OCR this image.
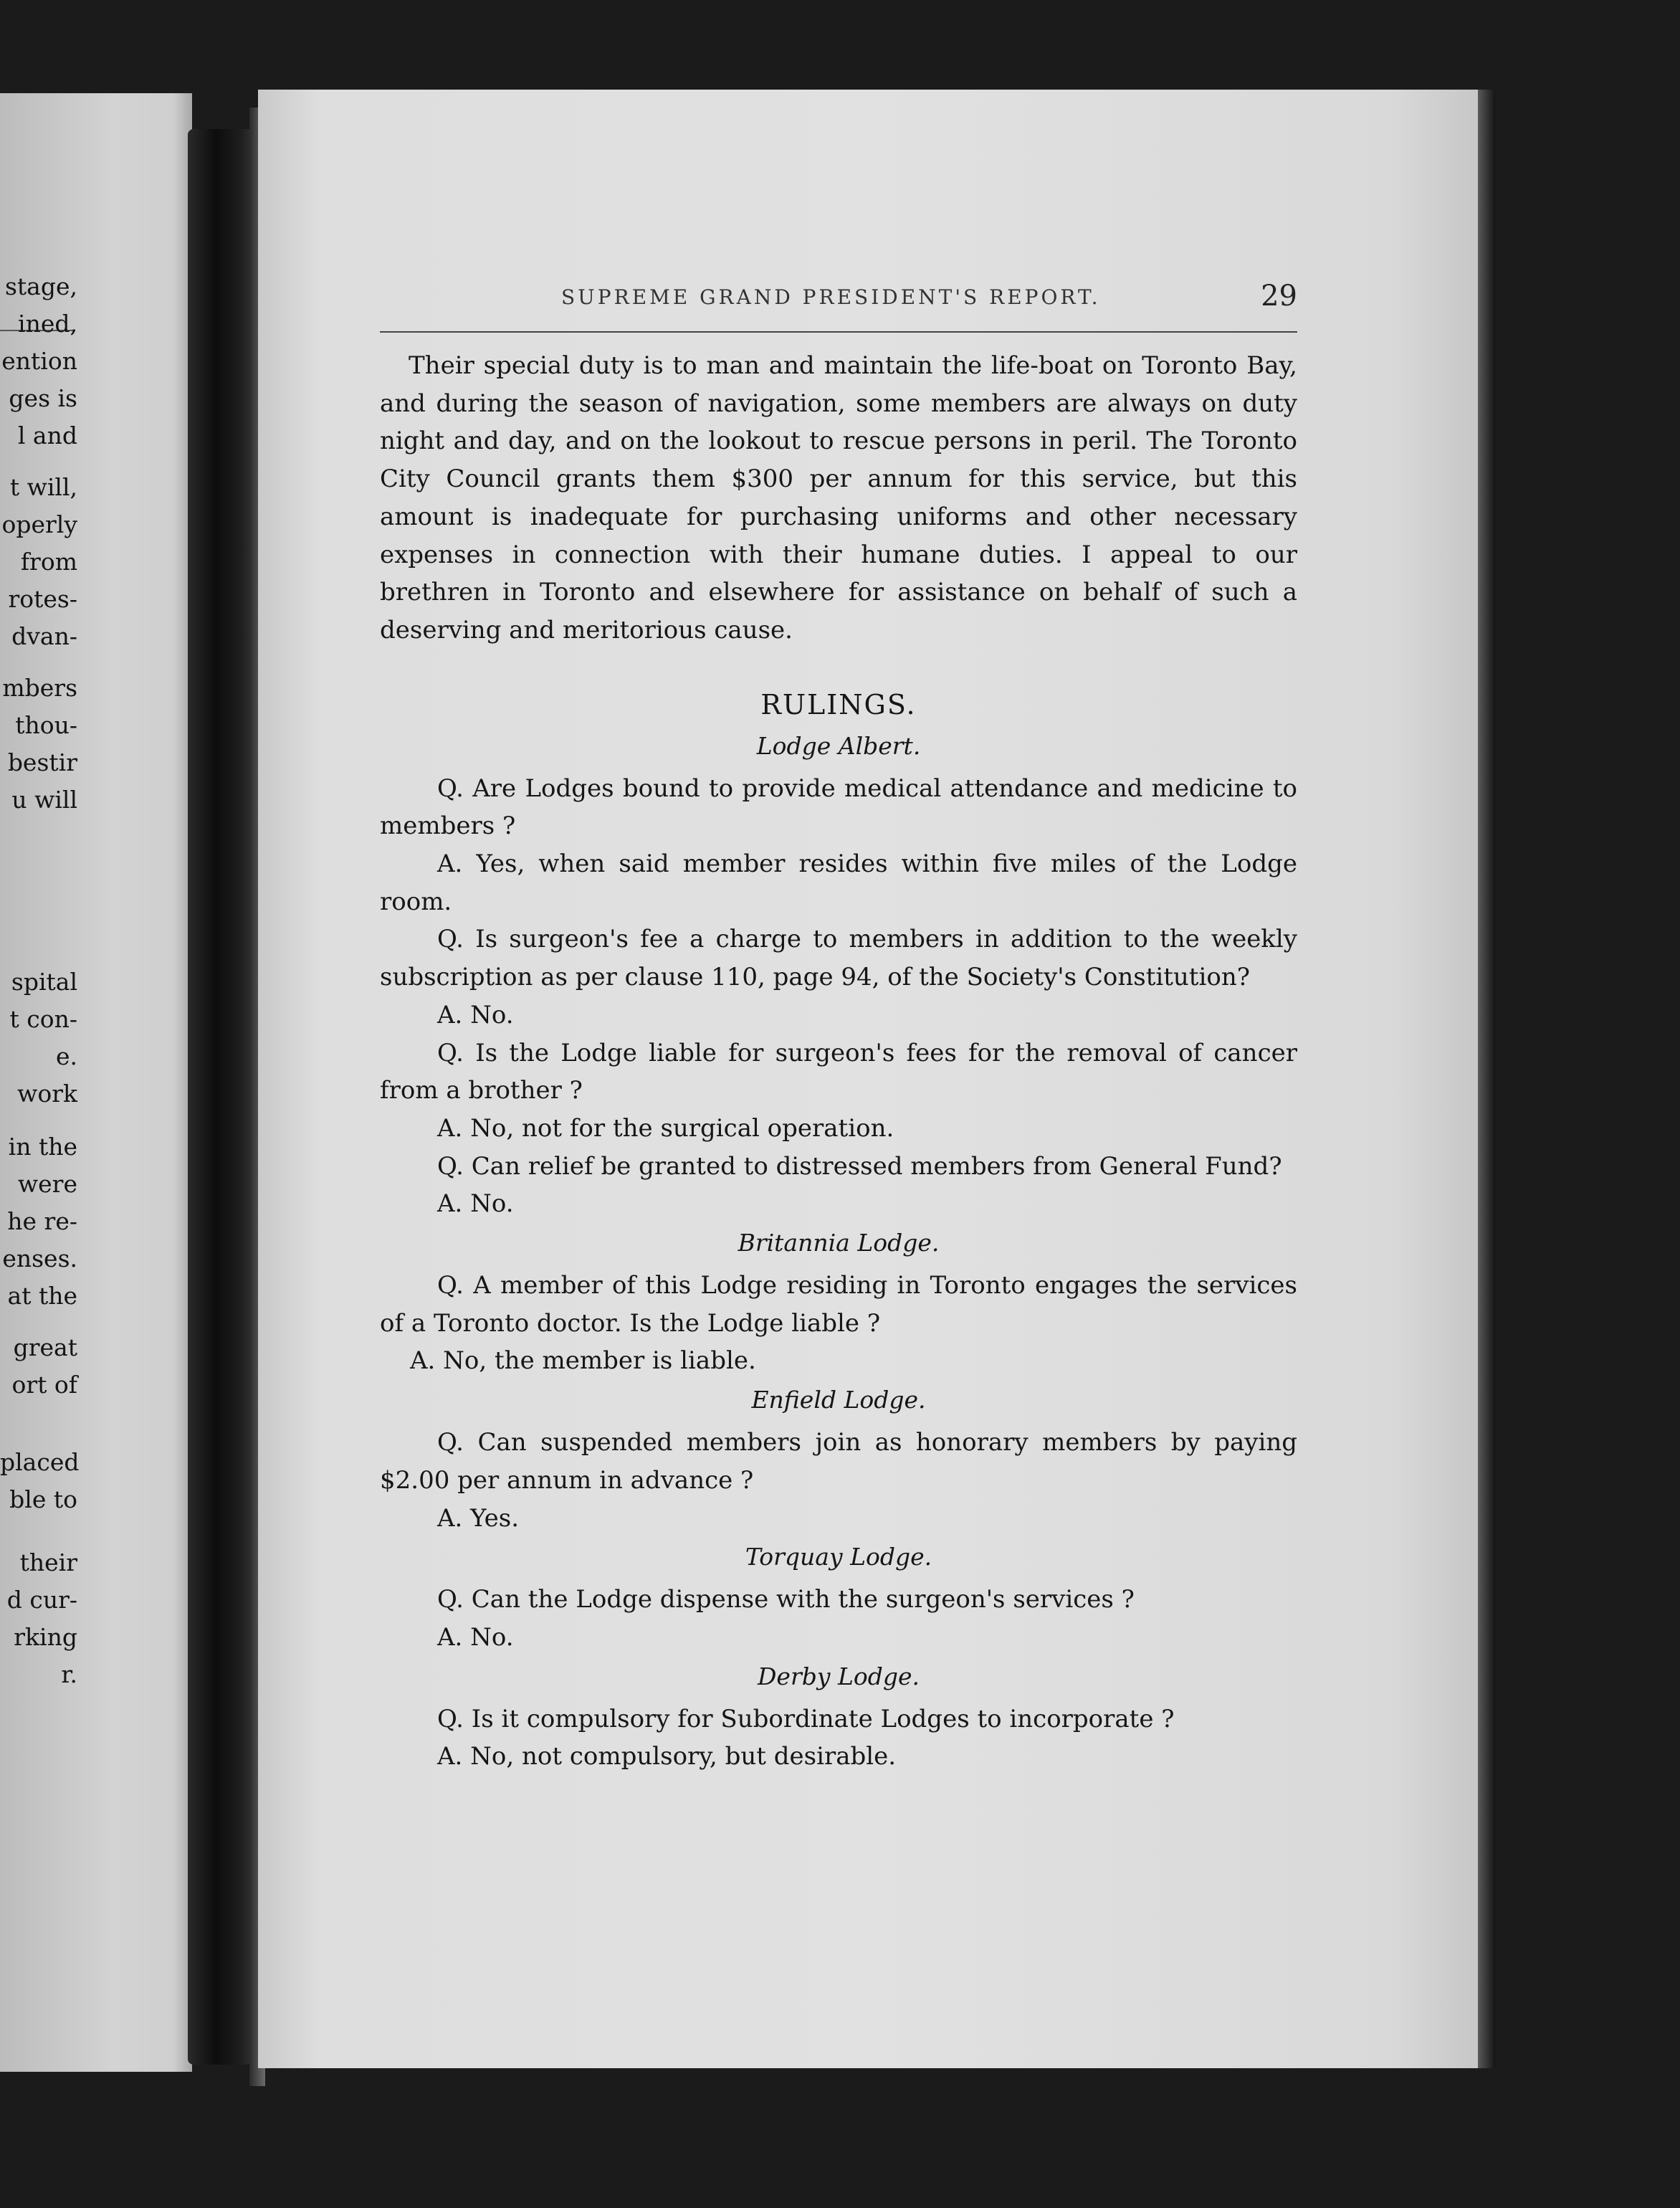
stage,
ined,
ention
ges is
l and
t will,
operly
from
rotes-
dvan-
mbers
thou-
bestir
u will
spital
t con-
e.
work
in the
were
he re-
enses.
at the
great
ort of
placed
ble to
their
d cur-
rking
r.
SUPREME GRAND PRESIDENT'S REPORT.	29

Their special duty is to man and maintain the life-boat on Toronto Bay, and during the season of navigation, some members are always on duty night and day, and on the lookout to rescue persons in peril. The Toronto City Council grants them $300 per annum for this service, but this amount is inadequate for purchasing uniforms and other necessary expenses in connection with their humane duties. I appeal to our brethren in Toronto and elsewhere for assistance on behalf of such a deserving and meritorious cause.

RULINGS.
Lodge Albert.

Q. Are Lodges bound to provide medical attendance and medicine to members ?

A. Yes, when said member resides within five miles of the Lodge room.

Q. Is surgeon's fee a charge to members in addition to the weekly subscription as per clause 110, page 94, of the Society's Constitution?

A. No.

Q. Is the Lodge liable for surgeon's fees for the removal of cancer from a brother ?

A. No, not for the surgical operation.

Q. Can relief be granted to distressed members from General Fund?

A. No.

Britannia Lodge.

Q. A member of this Lodge residing in Toronto engages the services of a Toronto doctor. Is the Lodge liable ?

A. No, the member is liable.

Enfield Lodge.

Q. Can suspended members join as honorary members by paying $2.00 per annum in advance ?

A. Yes.

Torquay Lodge.

Q. Can the Lodge dispense with the surgeon's services ?

A. No.

Derby Lodge.

Q. Is it compulsory for Subordinate Lodges to incorporate ?

A. No, not compulsory, but desirable.
